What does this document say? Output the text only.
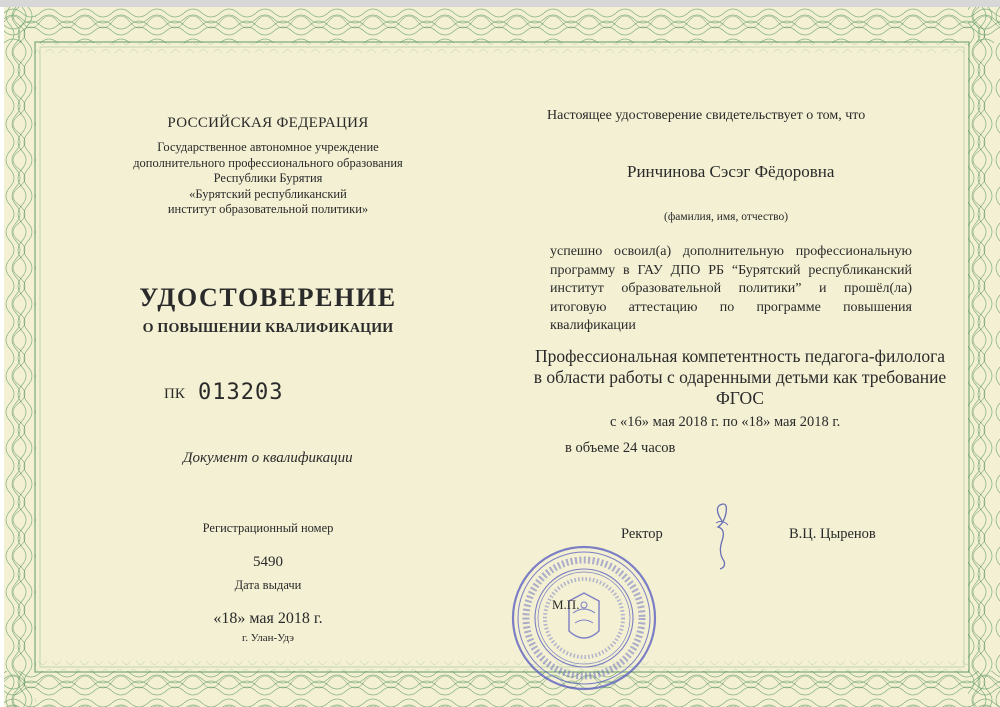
РОССИЙСКАЯ ФЕДЕРАЦИЯ
Государственное автономное учреждение
дополнительного профессионального образования
Республики Бурятия
«Бурятский республиканский
институт образовательной политики»
УДОСТОВЕРЕНИЕ
О ПОВЫШЕНИИ КВАЛИФИКАЦИИ
ПК 013203
Документ о квалификации
Регистрационный номер
5490
Дата выдачи
«18» мая 2018 г.
г. Улан-Удэ
Настоящее удостоверение свидетельствует о том, что
Ринчинова Сэсэг Фёдоровна
(фамилия, имя, отчество)
успешно освоил(а) дополнительную профессиональную программу в ГАУ ДПО РБ “Бурятский республиканский институт образовательной политики” и прошёл(ла) итоговую аттестацию по программе повышения квалификации
Профессиональная компетентность педагога-филолога в области работы с одаренными детьми как требование ФГОС
с «16» мая 2018 г. по «18» мая 2018 г.
в объеме 24 часов
М.П.
Ректор	В.Ц. Цыренов
